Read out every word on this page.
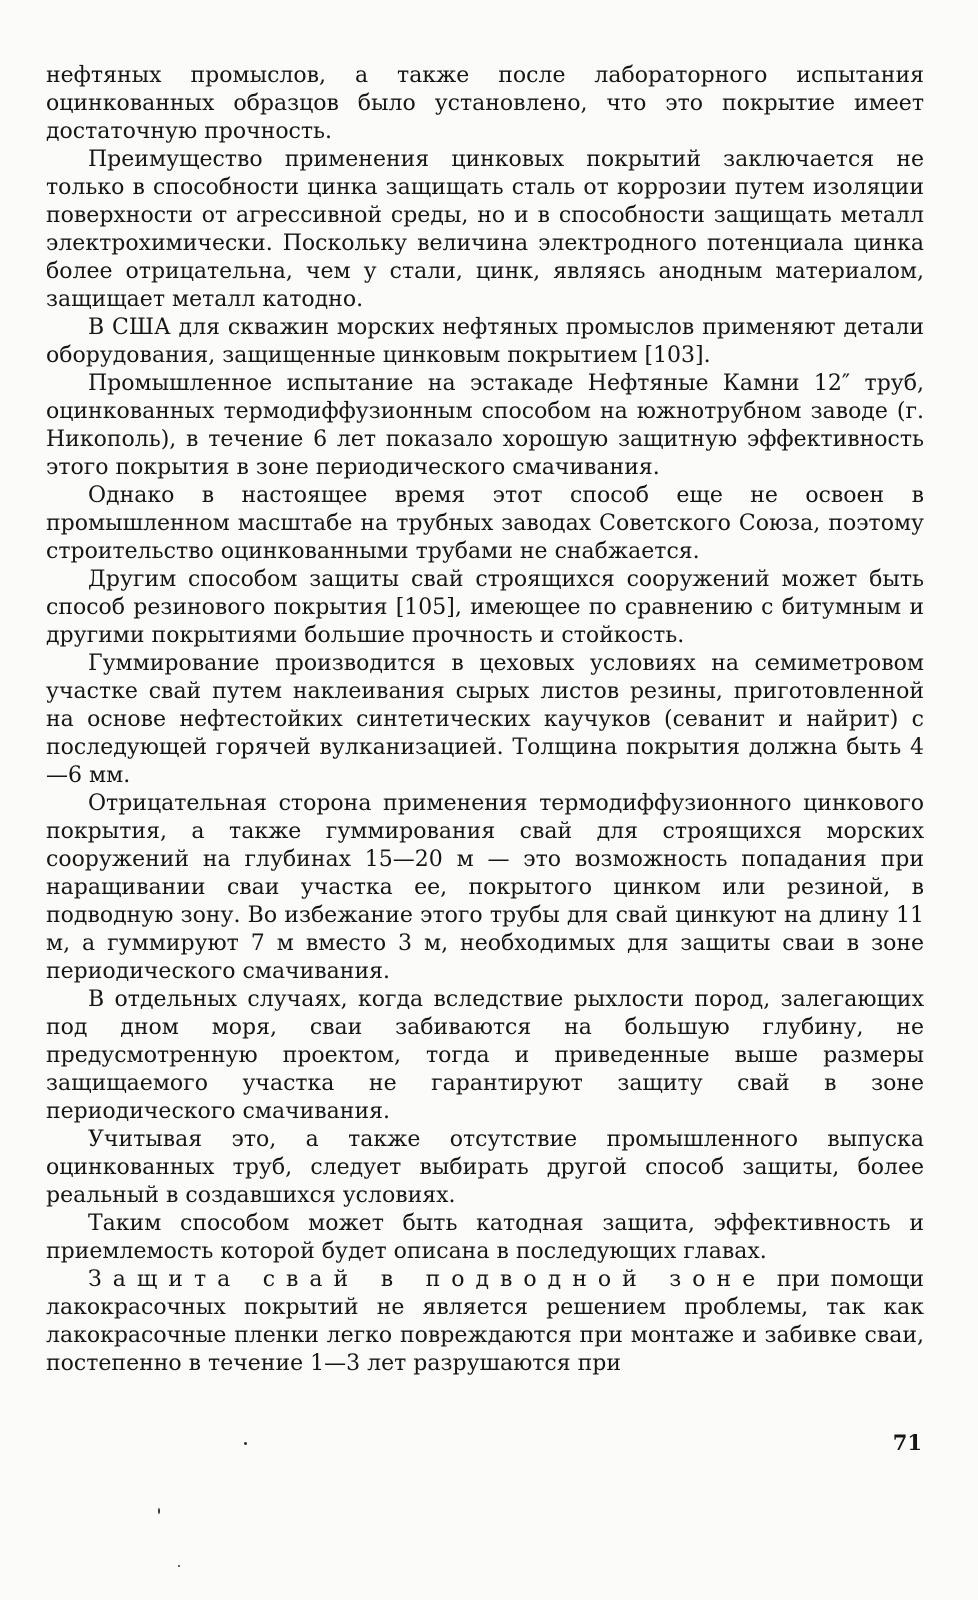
нефтяных промыслов, а также после лабораторного испытания оцинкованных образцов было установлено, что это покрытие имеет достаточную прочность.

Преимущество применения цинковых покрытий заключается не только в способности цинка защищать сталь от коррозии путем изоляции поверхности от агрессивной среды, но и в способности защищать металл электрохимически. Поскольку величина электродного потенциала цинка более отрицательна, чем у стали, цинк, являясь анодным материалом, защищает металл катодно.

В США для скважин морских нефтяных промыслов применяют детали оборудования, защищенные цинковым покрытием [103].

Промышленное испытание на эстакаде Нефтяные Камни 12″ труб, оцинкованных термодиффузионным способом на южнотрубном заводе (г. Никополь), в течение 6 лет показало хорошую защитную эффективность этого покрытия в зоне периодического смачивания.

Однако в настоящее время этот способ еще не освоен в промышленном масштабе на трубных заводах Советского Союза, поэтому строительство оцинкованными трубами не снабжается.

Другим способом защиты свай строящихся сооружений может быть способ резинового покрытия [105], имеющее по сравнению с битумным и другими покрытиями большие прочность и стойкость.

Гуммирование производится в цеховых условиях на семиметровом участке свай путем наклеивания сырых листов резины, приготовленной на основе нефтестойких синтетических каучуков (севанит и найрит) с последующей горячей вулканизацией. Толщина покрытия должна быть 4—6 мм.

Отрицательная сторона применения термодиффузионного цинкового покрытия, а также гуммирования свай для строящихся морских сооружений на глубинах 15—20 м — это возможность попадания при наращивании сваи участка ее, покрытого цинком или резиной, в подводную зону. Во избежание этого трубы для свай цинкуют на длину 11 м, а гуммируют 7 м вместо 3 м, необходимых для защиты сваи в зоне периодического смачивания.

В отдельных случаях, когда вследствие рыхлости пород, залегающих под дном моря, сваи забиваются на большую глубину, не предусмотренную проектом, тогда и приведенные выше размеры защищаемого участка не гарантируют защиту свай в зоне периодического смачивания.

Учитывая это, а также отсутствие промышленного выпуска оцинкованных труб, следует выбирать другой способ защиты, более реальный в создавшихся условиях.

Таким способом может быть катодная защита, эффективность и приемлемость которой будет описана в последующих главах.

Защита свай в подводной зоне при помощи лакокрасочных покрытий не является решением проблемы, так как лакокрасочные пленки легко повреждаются при монтаже и забивке сваи, постепенно в течение 1—3 лет разрушаются при

71
